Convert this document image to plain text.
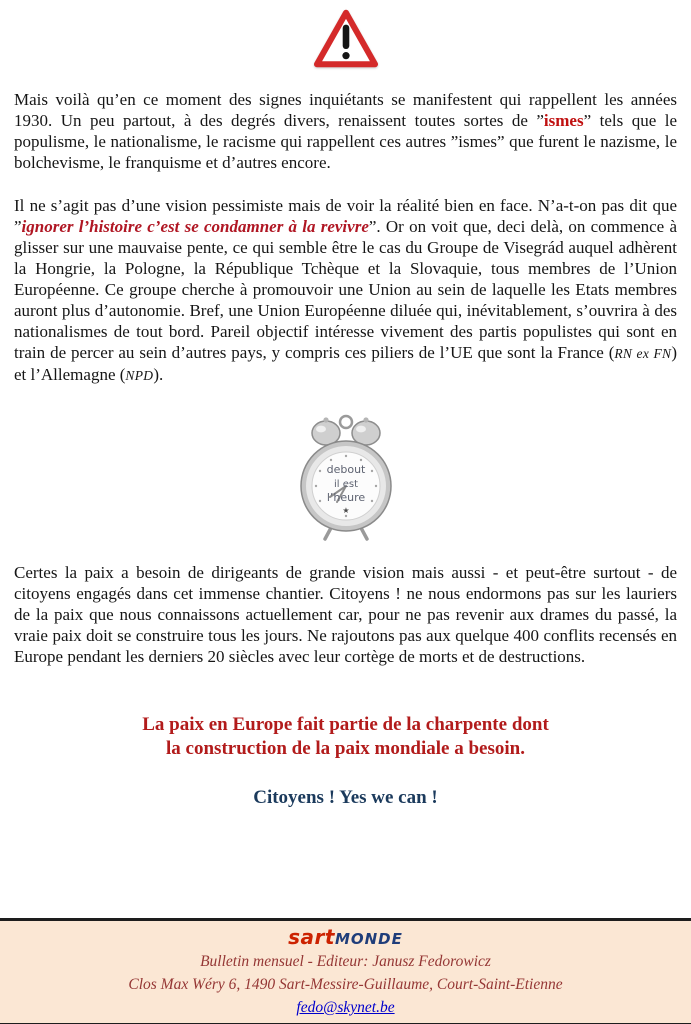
Mais voilà qu’en ce moment des signes inquiétants se manifestent qui rappellent les années 1930. Un peu partout, à des degrés divers, renaissent toutes sortes de ”ismes” tels que le populisme, le nationalisme, le racisme qui rappellent ces autres ”ismes” que furent le nazisme, le bolchevisme, le franquisme et d’autres encore.

Il ne s’agit pas d’une vision pessimiste mais de voir la réalité bien en face. N’a-t-on pas dit que ”ignorer l’histoire c’est se condamner à la revivre”. Or on voit que, deci delà, on commence à glisser sur une mauvaise pente, ce qui semble être le cas du Groupe de Visegrád auquel adhèrent la Hongrie, la Pologne, la République Tchèque et la Slovaquie, tous membres de l’Union Européenne. Ce groupe cherche à promouvoir une Union au sein de laquelle les Etats membres auront plus d’autonomie. Bref, une Union Européenne diluée qui, inévitablement, s’ouvrira à des nationalismes de tout bord. Pareil objectif intéresse vivement des partis populistes qui sont en train de percer au sein d’autres pays, y compris ces piliers de l’UE que sont la France (RN ex FN) et l’Allemagne (NPD).

debout
il est
l’heure
★

Certes la paix a besoin de dirigeants de grande vision mais aussi - et peut-être surtout - de citoyens engagés dans cet immense chantier. Citoyens ! ne nous endormons pas sur les lauriers de la paix que nous connaissons actuellement car, pour ne pas revenir aux drames du passé, la vraie paix doit se construire tous les jours. Ne rajoutons pas aux quelque 400 conflits recensés en Europe pendant les derniers 20 siècles avec leur cortège de morts et de destructions.

La paix en Europe fait partie de la charpente dont
la construction de la paix mondiale a besoin.
Citoyens ! Yes we can !
sartMONDE
Bulletin mensuel - Editeur: Janusz Fedorowicz
Clos Max Wéry 6, 1490 Sart-Messire-Guillaume, Court-Saint-Etienne
fedo@skynet.be
